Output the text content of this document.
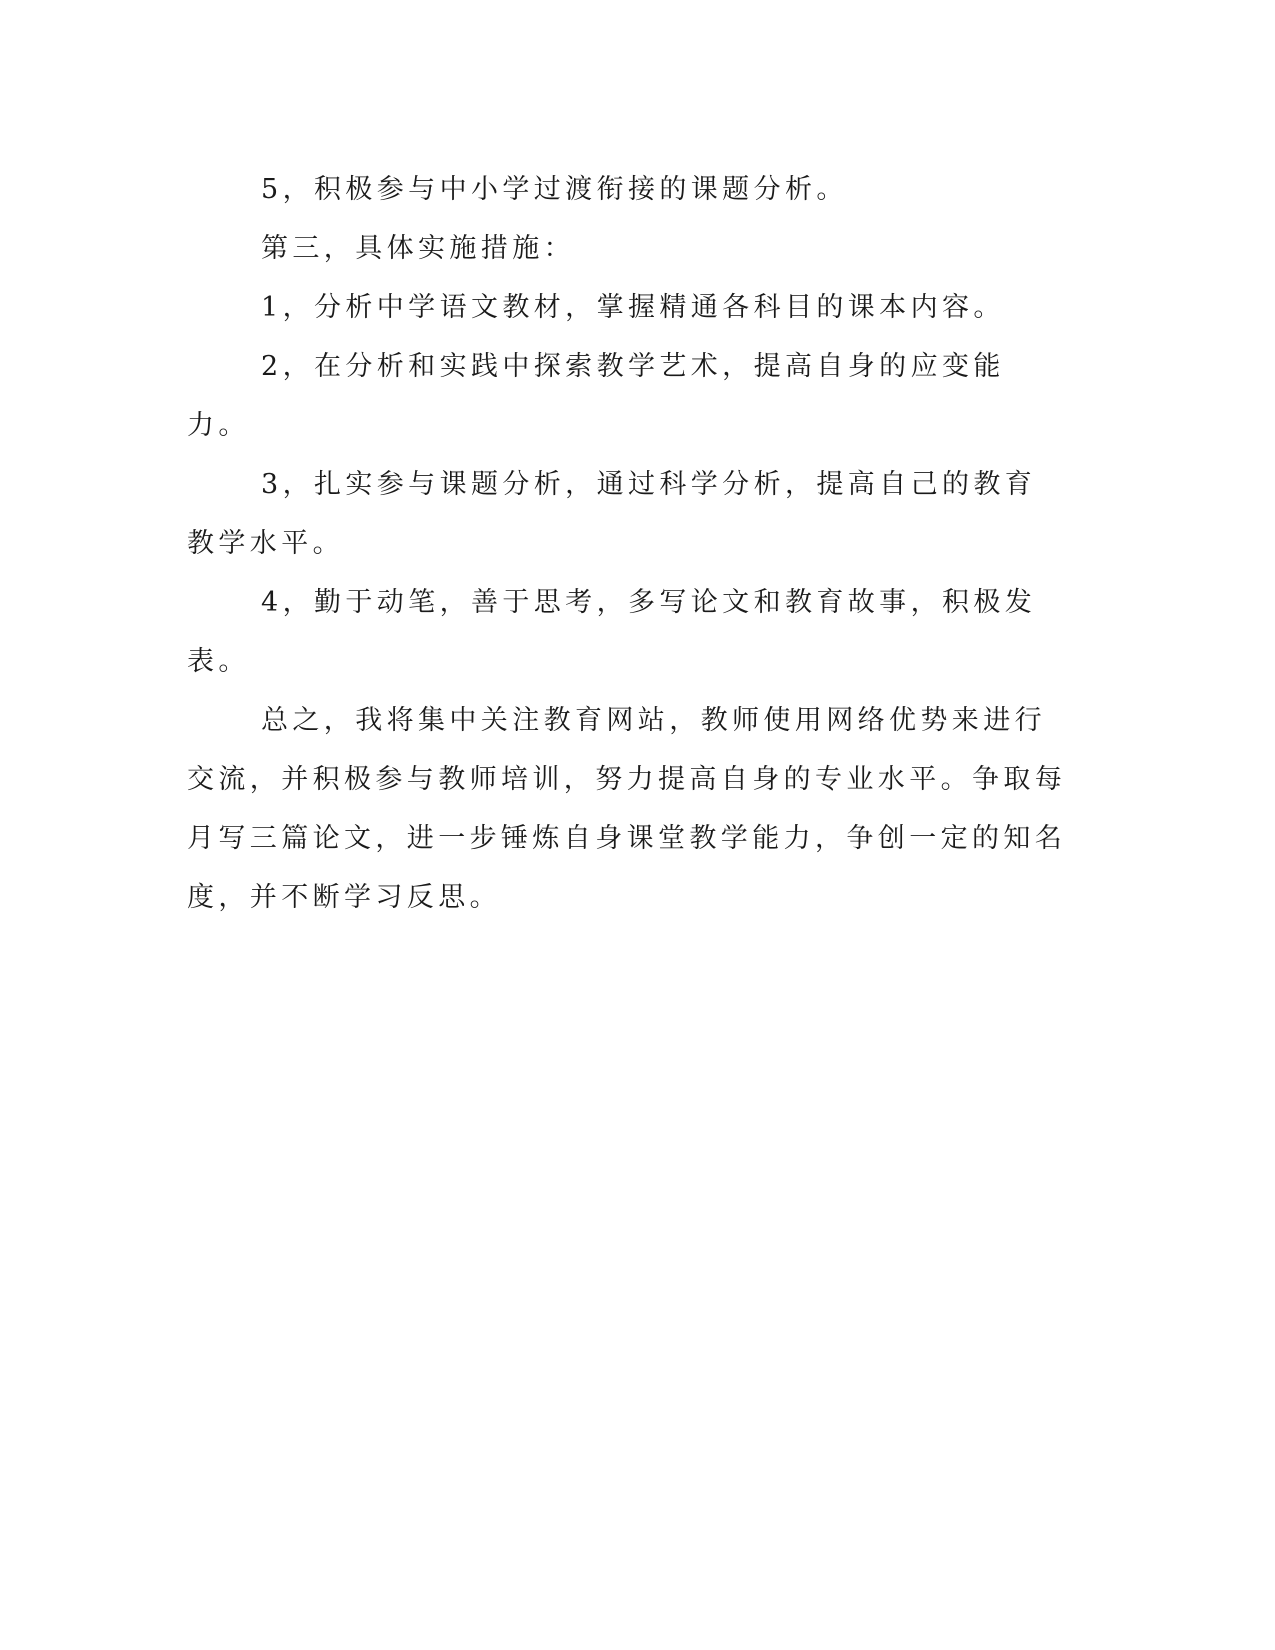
5，积极参与中小学过渡衔接的课题分析。

第三，具体实施措施：

1，分析中学语文教材，掌握精通各科目的课本内容。

2，在分析和实践中探索教学艺术，提高自身的应变能力。

3，扎实参与课题分析，通过科学分析，提高自己的教育教学水平。

4，勤于动笔，善于思考，多写论文和教育故事，积极发表。

总之，我将集中关注教育网站，教师使用网络优势来进行交流，并积极参与教师培训，努力提高自身的专业水平。争取每月写三篇论文，进一步锤炼自身课堂教学能力，争创一定的知名度，并不断学习反思。
